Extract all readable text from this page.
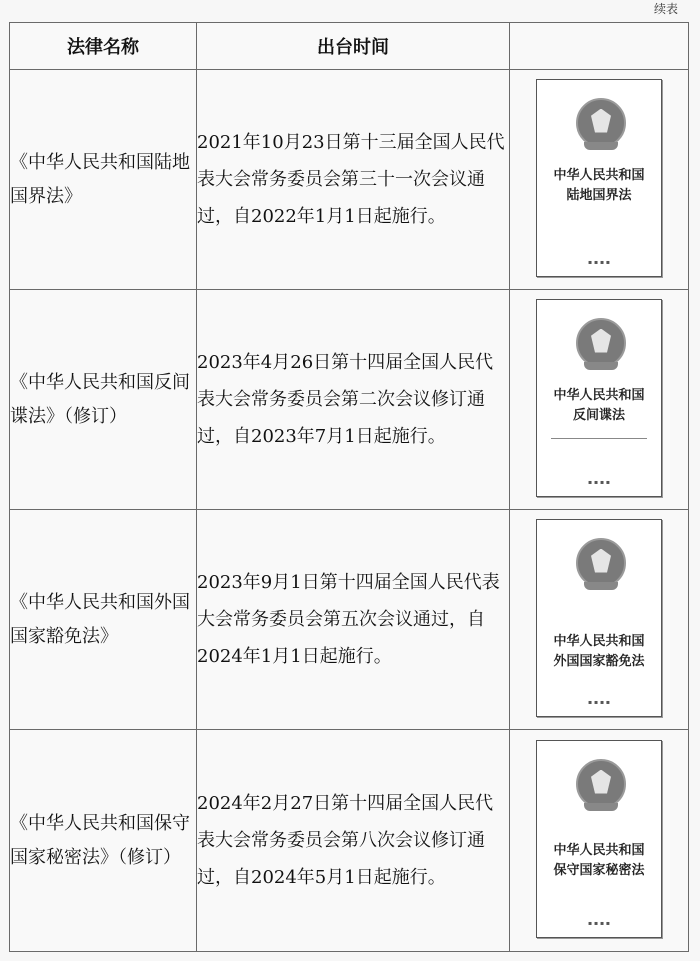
续表
法律名称	出台时间	
《中华人民共和国陆地国界法》	2021年10月23日第十三届全国人民代表大会常务委员会第三十一次会议通过，自2022年1月1日起施行。	中华人民共和国
陆地国界法
▪ ▪ ▪ ▪

《中华人民共和国反间谍法》（修订）	2023年4月26日第十四届全国人民代表大会常务委员会第二次会议修订通过，自2023年7月1日起施行。	中华人民共和国
反间谍法
▪ ▪ ▪ ▪

《中华人民共和国外国国家豁免法》	2023年9月1日第十四届全国人民代表大会常务委员会第五次会议通过，自2024年1月1日起施行。	中华人民共和国
外国国家豁免法
▪ ▪ ▪ ▪

《中华人民共和国保守国家秘密法》（修订）	2024年2月27日第十四届全国人民代表大会常务委员会第八次会议修订通过，自2024年5月1日起施行。	中华人民共和国
保守国家秘密法
▪ ▪ ▪ ▪
